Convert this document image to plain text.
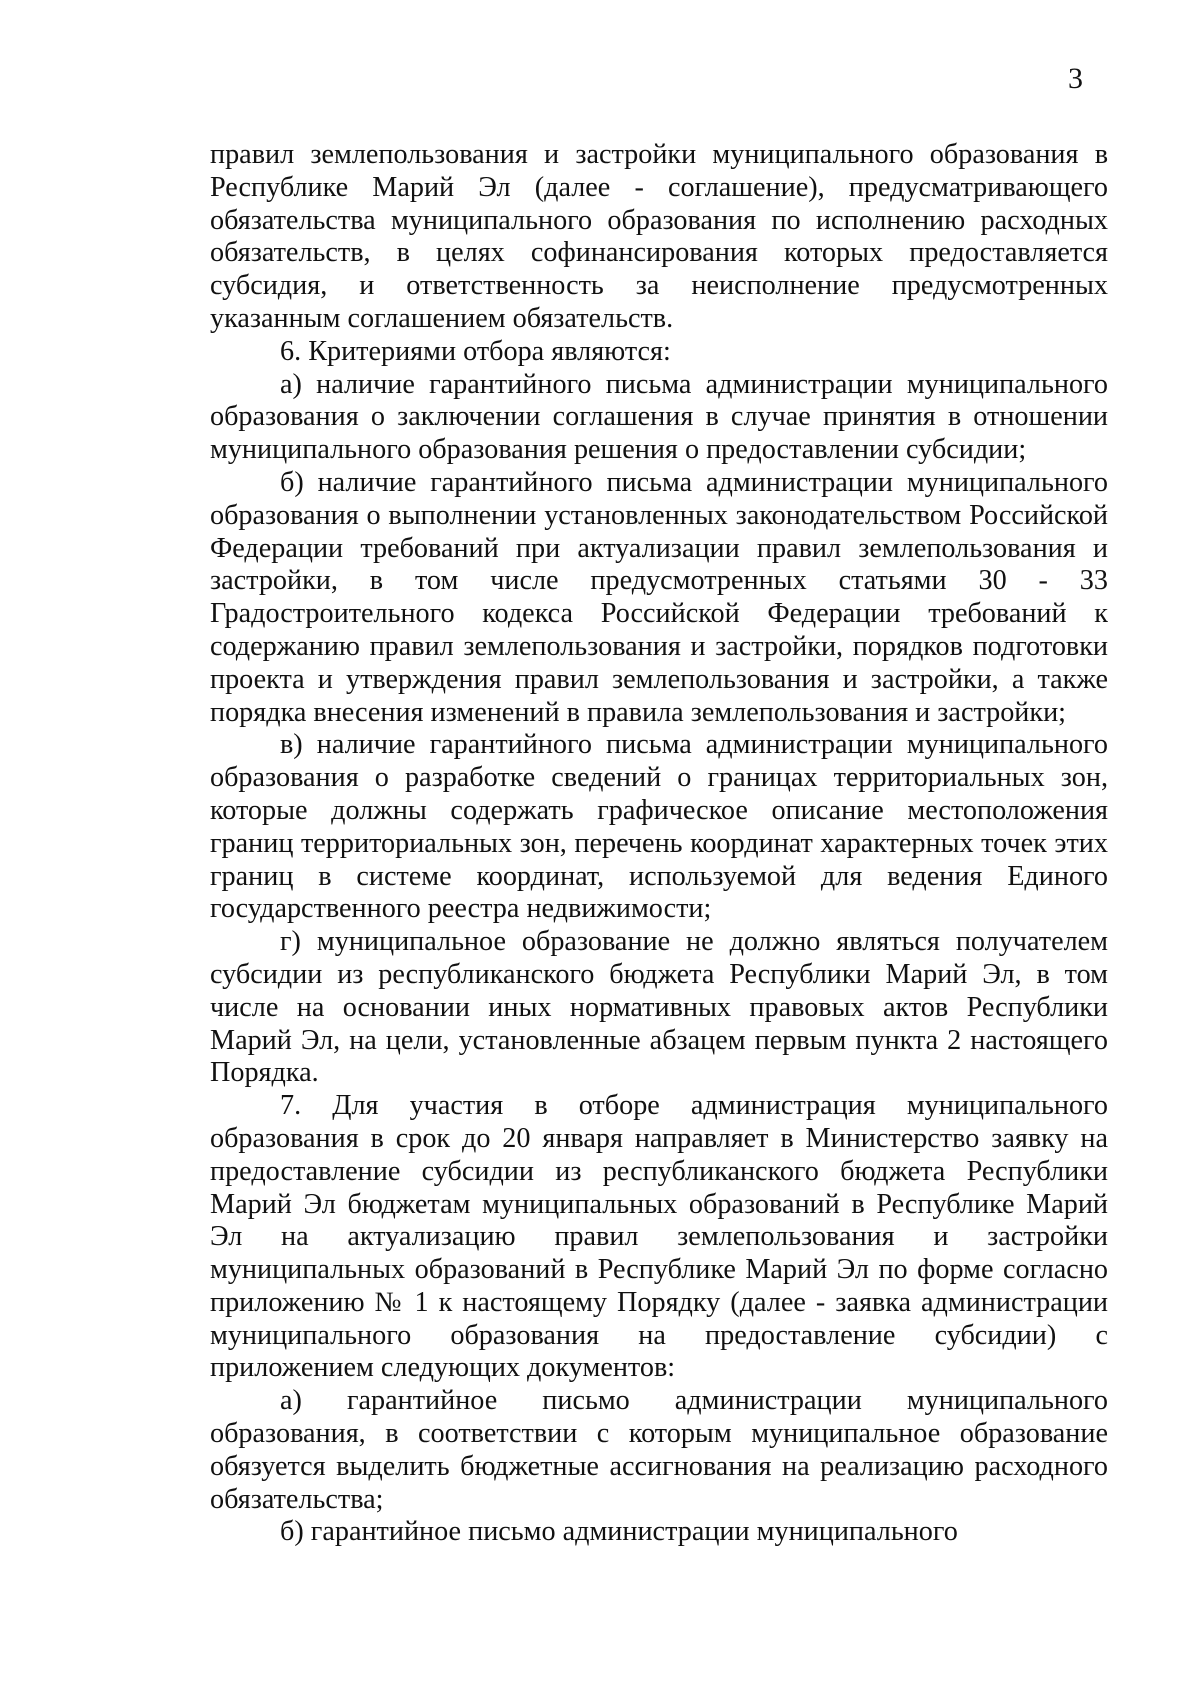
3

правил землепользования и застройки муниципального образования в Республике Марий Эл (далее - соглашение), предусматривающего обязательства муниципального образования по исполнению расходных обязательств, в целях софинансирования которых предоставляется субсидия, и ответственность за неисполнение предусмотренных указанным соглашением обязательств.

6. Критериями отбора являются:

а) наличие гарантийного письма администрации муниципального образования о заключении соглашения в случае принятия в отношении муниципального образования решения о предоставлении субсидии;

б) наличие гарантийного письма администрации муниципального образования о выполнении установленных законодательством Российской Федерации требований при актуализации правил землепользования и застройки, в том числе предусмотренных статьями 30 - 33 Градостроительного кодекса Российской Федерации требований к содержанию правил землепользования и застройки, порядков подготовки проекта и утверждения правил землепользования и застройки, а также порядка внесения изменений в правила землепользования и застройки;

в) наличие гарантийного письма администрации муниципального образования о разработке сведений о границах территориальных зон, которые должны содержать графическое описание местоположения границ территориальных зон, перечень координат характерных точек этих границ в системе координат, используемой для ведения Единого государственного реестра недвижимости;

г) муниципальное образование не должно являться получателем субсидии из республиканского бюджета Республики Марий Эл, в том числе на основании иных нормативных правовых актов Республики Марий Эл, на цели, установленные абзацем первым пункта 2 настоящего Порядка.

7. Для участия в отборе администрация муниципального образования в срок до 20 января направляет в Министерство заявку на предоставление субсидии из республиканского бюджета Республики Марий Эл бюджетам муниципальных образований в Республике Марий Эл на актуализацию правил землепользования и застройки муниципальных образований в Республике Марий Эл по форме согласно приложению № 1 к настоящему Порядку (далее - заявка администрации муниципального образования на предоставление субсидии) с приложением следующих документов:

а) гарантийное письмо администрации муниципального образования, в соответствии с которым муниципальное образование обязуется выделить бюджетные ассигнования на реализацию расходного обязательства;

б) гарантийное письмо администрации муниципального
